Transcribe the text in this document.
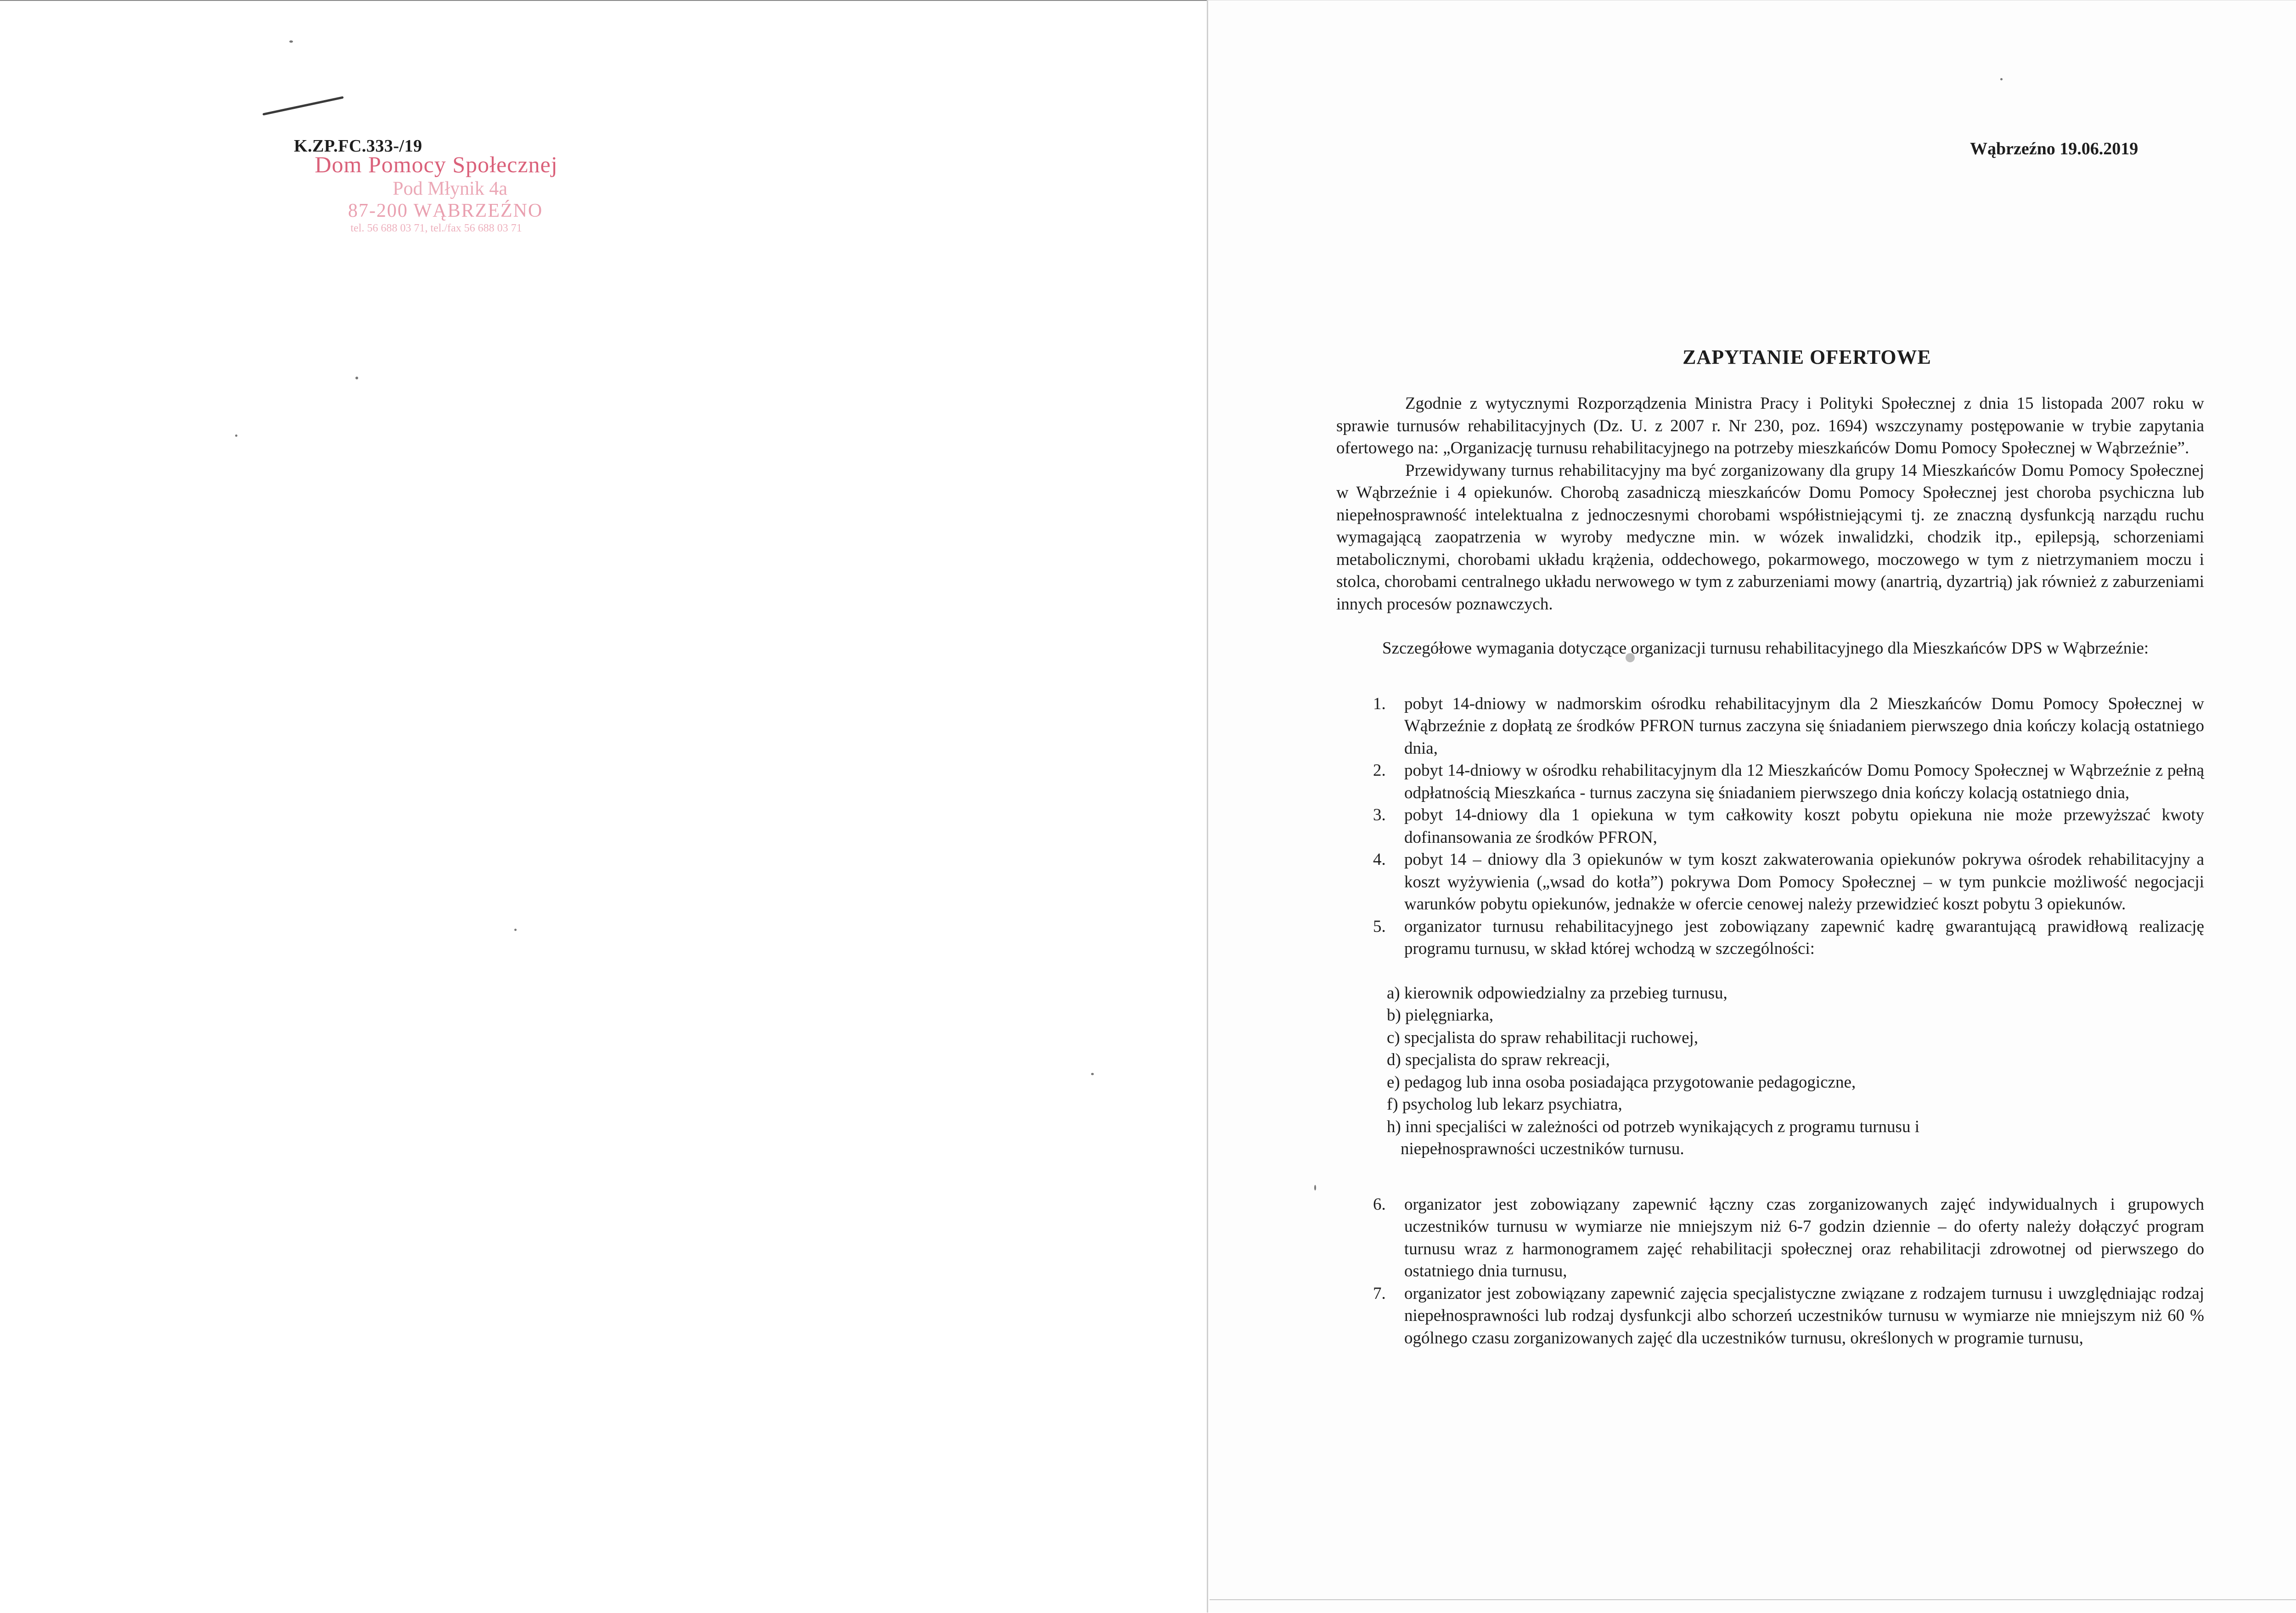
K.ZP.FC.333-/19	Wąbrzeźno 19.06.2019
Dom Pomocy Społecznej
Pod Młynik 4a
87-200 WĄBRZEŹNO
tel. 56 688 03 71, tel./fax 56 688 03 71
ZAPYTANIE OFERTOWE

Zgodnie z wytycznymi Rozporządzenia Ministra Pracy i Polityki Społecznej z dnia 15 listopada 2007 roku w sprawie turnusów rehabilitacyjnych (Dz. U. z 2007 r. Nr 230, poz. 1694) wszczynamy postępowanie w trybie zapytania ofertowego na: „Organizację turnusu rehabilitacyjnego na potrzeby mieszkańców Domu Pomocy Społecznej w Wąbrzeźnie”.

Przewidywany turnus rehabilitacyjny ma być zorganizowany dla grupy 14 Mieszkańców Domu Pomocy Społecznej w Wąbrzeźnie i 4 opiekunów. Chorobą zasadniczą mieszkańców Domu Pomocy Społecznej jest choroba psychiczna lub niepełnosprawność intelektualna z jednoczesnymi chorobami współistniejącymi tj. ze znaczną dysfunkcją narządu ruchu wymagającą zaopatrzenia w wyroby medyczne min. w wózek inwalidzki, chodzik itp., epilepsją, schorzeniami metabolicznymi, chorobami układu krążenia, oddechowego, pokarmowego, moczowego w tym z nietrzymaniem moczu i stolca, chorobami centralnego układu nerwowego w tym z zaburzeniami mowy (anartrią, dyzartrią) jak również z zaburzeniami innych procesów poznawczych.

Szczegółowe wymagania dotyczące organizacji turnusu rehabilitacyjnego dla Mieszkańców DPS w Wąbrzeźnie:

1. pobyt 14-dniowy w nadmorskim ośrodku rehabilitacyjnym dla 2 Mieszkańców Domu Pomocy Społecznej w Wąbrzeźnie z dopłatą ze środków PFRON turnus zaczyna się śniadaniem pierwszego dnia kończy kolacją ostatniego dnia,
2. pobyt 14-dniowy w ośrodku rehabilitacyjnym dla 12 Mieszkańców Domu Pomocy Społecznej w Wąbrzeźnie z pełną odpłatnością Mieszkańca - turnus zaczyna się śniadaniem pierwszego dnia kończy kolacją ostatniego dnia,
3. pobyt 14-dniowy dla 1 opiekuna w tym całkowity koszt pobytu opiekuna nie może przewyższać kwoty dofinansowania ze środków PFRON,
4. pobyt 14 – dniowy dla 3 opiekunów w tym koszt zakwaterowania opiekunów pokrywa ośrodek rehabilitacyjny a koszt wyżywienia („wsad do kotła”) pokrywa Dom Pomocy Społecznej – w tym punkcie możliwość negocjacji warunków pobytu opiekunów, jednakże w ofercie cenowej należy przewidzieć koszt pobytu 3 opiekunów.
5. organizator turnusu rehabilitacyjnego jest zobowiązany zapewnić kadrę gwarantującą prawidłową realizację programu turnusu, w skład której wchodzą w szczególności:
a) kierownik odpowiedzialny za przebieg turnusu,
b) pielęgniarka,
c) specjalista do spraw rehabilitacji ruchowej,
d) specjalista do spraw rekreacji,
e) pedagog lub inna osoba posiadająca przygotowanie pedagogiczne,
f) psycholog lub lekarz psychiatra,
h) inni specjaliści w zależności od potrzeb wynikających z programu turnusu i
niepełnosprawności uczestników turnusu.
6. organizator jest zobowiązany zapewnić łączny czas zorganizowanych zajęć indywidualnych i grupowych uczestników turnusu w wymiarze nie mniejszym niż 6-7 godzin dziennie – do oferty należy dołączyć program turnusu wraz z harmonogramem zajęć rehabilitacji społecznej oraz rehabilitacji zdrowotnej od pierwszego do ostatniego dnia turnusu,
7. organizator jest zobowiązany zapewnić zajęcia specjalistyczne związane z rodzajem turnusu i uwzględniając rodzaj niepełnosprawności lub rodzaj dysfunkcji albo schorzeń uczestników turnusu w wymiarze nie mniejszym niż 60 % ogólnego czasu zorganizowanych zajęć dla uczestników turnusu, określonych w programie turnusu,
